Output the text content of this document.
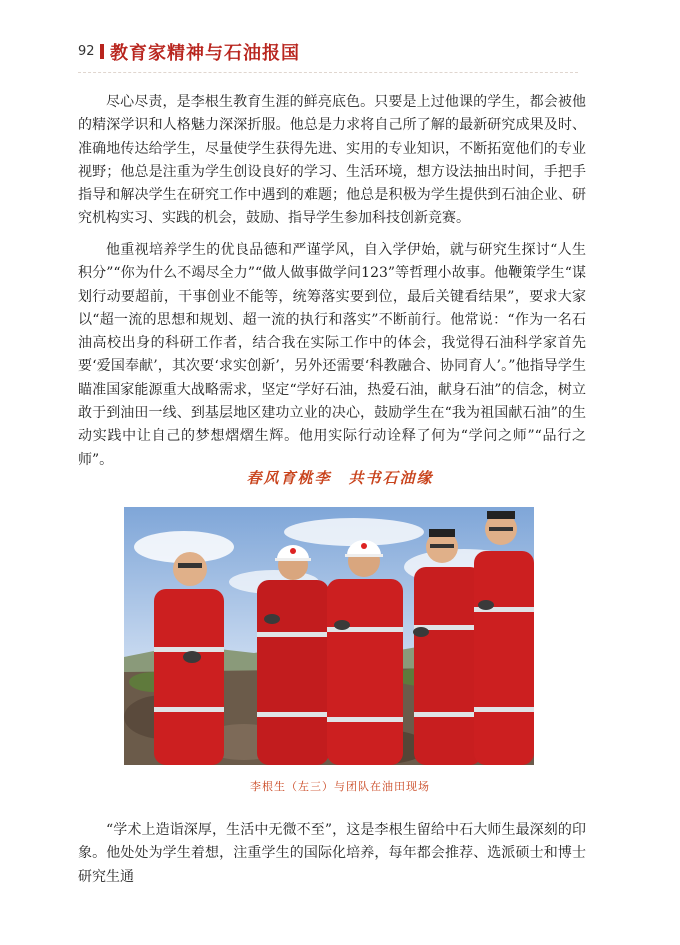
92 教育家精神与石油报国

尽心尽责，是李根生教育生涯的鲜亮底色。只要是上过他课的学生，都会被他的精深学识和人格魅力深深折服。他总是力求将自己所了解的最新研究成果及时、准确地传达给学生，尽量使学生获得先进、实用的专业知识，不断拓宽他们的专业视野；他总是注重为学生创设良好的学习、生活环境，想方设法抽出时间，手把手指导和解决学生在研究工作中遇到的难题；他总是积极为学生提供到石油企业、研究机构实习、实践的机会，鼓励、指导学生参加科技创新竞赛。

他重视培养学生的优良品德和严谨学风，自入学伊始，就与研究生探讨“人生积分”“你为什么不竭尽全力”“做人做事做学问123”等哲理小故事。他鞭策学生“谋划行动要超前，干事创业不能等，统筹落实要到位，最后关键看结果”，要求大家以“超一流的思想和规划、超一流的执行和落实”不断前行。他常说：“作为一名石油高校出身的科研工作者，结合我在实际工作中的体会，我觉得石油科学家首先要‘爱国奉献’，其次要‘求实创新’，另外还需要‘科教融合、协同育人’。”他指导学生瞄准国家能源重大战略需求，坚定“学好石油，热爱石油，献身石油”的信念，树立敢于到油田一线、到基层地区建功立业的决心，鼓励学生在“我为祖国献石油”的生动实践中让自己的梦想熠熠生辉。他用实际行动诠释了何为“学问之师”“品行之师”。

春风育桃李　共书石油缘
李根生（左三）与团队在油田现场

“学术上造诣深厚，生活中无微不至”，这是李根生留给中石大师生最深刻的印象。他处处为学生着想，注重学生的国际化培养，每年都会推荐、选派硕士和博士研究生通
